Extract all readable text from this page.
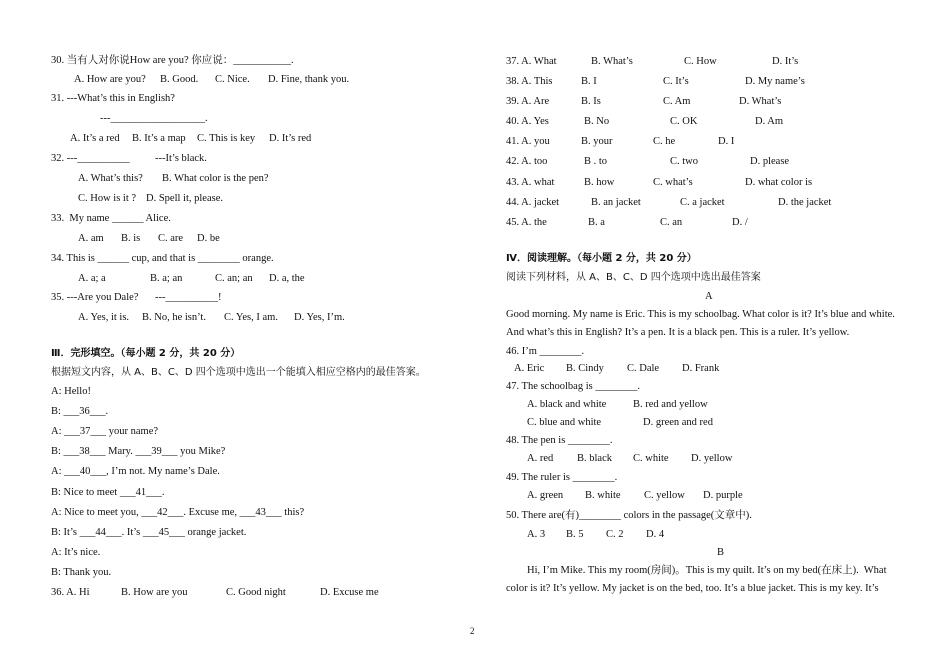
30. 当有人对你说How are you? 你应说：___________.
A. How are you? B. Good. C. Nice. D. Fine, thank you.
31. ---What’s this in English?
---__________________.
A. It’s a red B. It’s a map C. This is key D. It’s red
32. ---__________ ---It’s black.
A. What’s this? B. What color is the pen?
C. How is it ? D. Spell it, please.
33.  My name ______ Alice.
A. am B. is C. are D. be
34. This is ______ cup, and that is ________ orange.
A. a; a	B. a; an	C. an; an D. a, the
35. ---Are you Dale? ---__________!
A. Yes, it is. B. No, he isn’t. C. Yes, I am. D. Yes, I’m.
Ⅲ．完形填空。（每小题 2 分，共 20 分）
根据短文内容，从 A、B、C、D 四个选项中选出一个能填入相应空格内的最佳答案。
A: Hello!
B: ___36___.
A: ___37___ your name?
B: ___38___ Mary. ___39___ you Mike?
A: ___40___, I’m not. My name’s Dale.
B: Nice to meet ___41___.
A: Nice to meet you, ___42___. Excuse me, ___43___ this?
B: It’s ___44___. It’s ___45___ orange jacket.
A: It’s nice.
B: Thank you.
36. A. Hi	B. How are you	C. Good night	D. Excuse me
37. A. What	B. What’s	C. How	D. It’s
38. A. This	B. I	C. It’s	D. My name’s
39. A. Are	B. Is	C. Am	D. What’s
40. A. Yes	B. No	C. OK	D. Am
41. A. you	B. your	C. he	D. I
42. A. too	B . to	C. two	D. please
43. A. what	B. how	C. what’s	D. what color is
44. A. jacket	B. an jacket	C. a jacket	D. the jacket
45. A. the	B. a	C. an	D. /
Ⅳ．阅读理解。（每小题 2 分，共 20 分）
阅读下列材料，从 A、B、C、D 四个选项中选出最佳答案
A
Good morning. My name is Eric. This is my schoolbag. What color is it? It’s blue and white.
And what’s this in English? It’s a pen. It is a black pen. This is a ruler. It’s yellow.
46. I’m ________.
A. Eric B. Cindy C. Dale D. Frank
47. The schoolbag is ________.
A. black and white	B. red and yellow
C. blue and white	D. green and red
48. The pen is ________.
A. red B. black C. white D. yellow
49. The ruler is ________.
A. green B. white C. yellow D. purple
50. There are(有)________ colors in the passage(文章中).
A. 3 B. 5 C. 2 D. 4
B
Hi, I’m Mike. This my room(房间)。This is my quilt. It’s on my bed(在床上).  What
color is it? It’s yellow. My jacket is on the bed, too. It’s a blue jacket. This is my key. It’s
2
